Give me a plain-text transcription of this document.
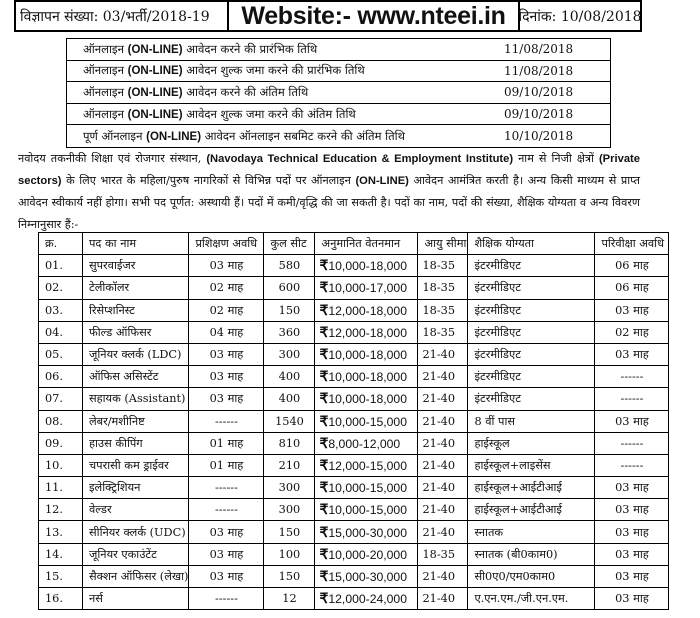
विज्ञापन संख्या: 03/भर्ती/2018-19	Website:- www.nteei.in दिनांक: 10/08/2018
ऑनलाइन (ON-LINE) आवेदन करने की प्रारंभिक तिथि	11/08/2018
ऑनलाइन (ON-LINE) आवेदन शुल्क जमा करने की प्रारंभिक तिथि	11/08/2018
ऑनलाइन (ON-LINE) आवेदन करने की अंतिम तिथि	09/10/2018
ऑनलाइन (ON-LINE) आवेदन शुल्क जमा करने की अंतिम तिथि	09/10/2018
पूर्ण ऑनलाइन (ON-LINE) आवेदन ऑनलाइन सबमिट करने की अंतिम तिथि	10/10/2018
नवोदय तकनीकी शिक्षा एवं रोजगार संस्थान, (Navodaya Technical Education & Employment Institute) नाम से निजी क्षेत्रों (Private sectors) के लिए भारत के महिला/पुरुष नागरिकों से विभिन्न पदों पर ऑनलाइन (ON-LINE) आवेदन आमंत्रित करती है। अन्य किसी माध्यम से प्राप्त आवेदन स्वीकार्य नहीं होगा। सभी पद पूर्णत: अस्थायी हैं। पदों में कमी/वृद्धि की जा सकती है। पदों का नाम, पदों की संख्या, शैक्षिक योग्यता व अन्य विवरण निम्नानुसार हैं:-
क्र.	पद का नाम	प्रशिक्षण अवधि	कुल सीट	अनुमानित वेतनमान	आयु सीमा	शैक्षिक योग्यता	परिवीक्षा अवधि
01.	सुपरवाईजर	03 माह	580	₹10,000-18,000	18-35	इंटरमीडिएट	06 माह
02.	टेलीकॉलर	02 माह	600	₹10,000-17,000	18-35	इंटरमीडिएट	06 माह
03.	रिसेप्शनिस्ट	02 माह	150	₹12,000-18,000	18-35	इंटरमीडिएट	03 माह
04.	फील्ड ऑफिसर	04 माह	360	₹12,000-18,000	18-35	इंटरमीडिएट	02 माह
05.	जूनियर क्लर्क (LDC)	03 माह	300	₹10,000-18,000	21-40	इंटरमीडिएट	03 माह
06.	ऑफिस असिस्टेंट	03 माह	400	₹10,000-18,000	21-40	इंटरमीडिएट	------
07.	सहायक (Assistant)	03 माह	400	₹10,000-18,000	21-40	इंटरमीडिएट	------
08.	लेबर/मशीनिष्ट	------	1540	₹10,000-15,000	21-40	8 वीं पास	03 माह
09.	हाउस कीपिंग	01 माह	810	₹8,000-12,000	21-40	हाईस्कूल	------
10.	चपरासी कम ड्राईवर	01 माह	210	₹12,000-15,000	21-40	हाईस्कूल+लाइसेंस	------
11.	इलेक्ट्रिशियन	------	300	₹10,000-15,000	21-40	हाईस्कूल+आईटीआई	03 माह
12.	वेल्डर	------	300	₹10,000-15,000	21-40	हाईस्कूल+आईटीआई	03 माह
13.	सीनियर क्लर्क (UDC)	03 माह	150	₹15,000-30,000	21-40	स्नातक	03 माह
14.	जूनियर एकाउंटेंट	03 माह	100	₹10,000-20,000	18-35	स्नातक (बी0काम0)	03 माह
15.	सैक्शन ऑफिसर (लेखा)	03 माह	150	₹15,000-30,000	21-40	सी0ए0/एम0काम0	03 माह
16.	नर्स	------	12	₹12,000-24,000	21-40	ए.एन.एम./जी.एन.एम.	03 माह
